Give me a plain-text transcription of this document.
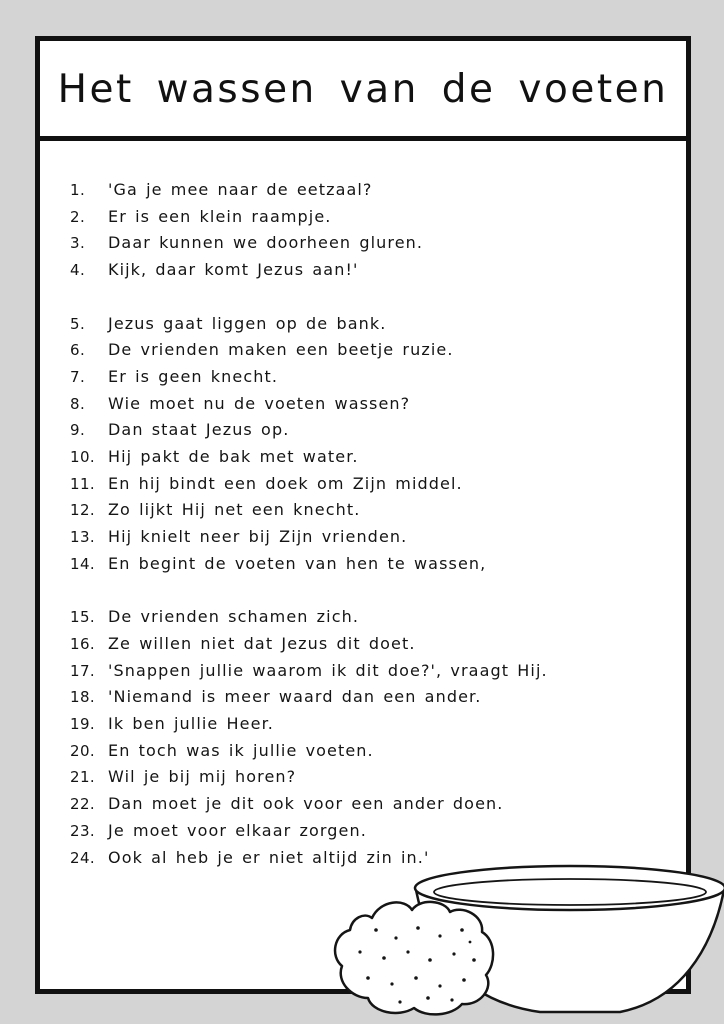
Het wassen van de voeten
1. 'Ga je mee naar de eetzaal?
2. Er is een klein raampje.
3. Daar kunnen we doorheen gluren.
4. Kijk, daar komt Jezus aan!'
5. Jezus gaat liggen op de bank.
6. De vrienden maken een beetje ruzie.
7. Er is geen knecht.
8. Wie moet nu de voeten wassen?
9. Dan staat Jezus op.
10. Hij pakt de bak met water.
11. En hij bindt een doek om Zijn middel.
12. Zo lijkt Hij net een knecht.
13. Hij knielt neer bij Zijn vrienden.
14. En begint de voeten van hen te wassen,
15. De vrienden schamen zich.
16. Ze willen niet dat Jezus dit doet.
17. 'Snappen jullie waarom ik dit doe?', vraagt Hij.
18. 'Niemand is meer waard dan een ander.
19. Ik ben jullie Heer.
20. En toch was ik jullie voeten.
21. Wil je bij mij horen?
22. Dan moet je dit ook voor een ander doen.
23. Je moet voor elkaar zorgen.
24. Ook al heb je er niet altijd zin in.'
